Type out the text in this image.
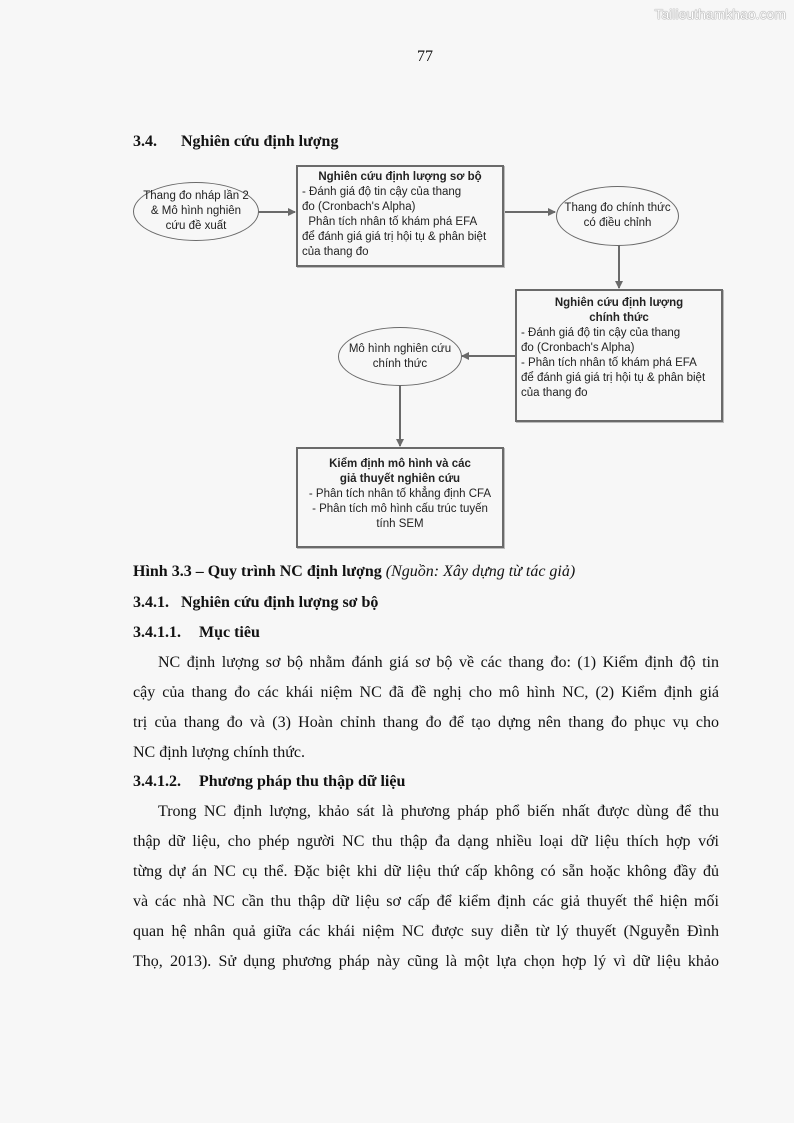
Tailieuthamkhao.com
77
3.4. Nghiên cứu định lượng
Thang đo nháp lần 2
& Mô hình nghiên
cứu đề xuất
Nghiên cứu định lượng sơ bộ
- Đánh giá độ tin cậy của thang
đo (Cronbach's Alpha)
Phân tích nhân tố khám phá EFA
để đánh giá giá trị hội tụ & phân biệt
của thang đo
Thang đo chính thức
có điều chỉnh
Nghiên cứu định lượng
chính thức
- Đánh giá độ tin cậy của thang
đo (Cronbach's Alpha)
- Phân tích nhân tố khám phá EFA
để đánh giá giá trị hội tụ & phân biệt
của thang đo
Mô hình nghiên cứu
chính thức
Kiểm định mô hình và các
giả thuyết nghiên cứu
- Phân tích nhân tố khẳng định CFA
- Phân tích mô hình cấu trúc tuyến
tính SEM
Hình 3.3 – Quy trình NC định lượng (Nguồn: Xây dựng từ tác giả)
3.4.1. Nghiên cứu định lượng sơ bộ
3.4.1.1. Mục tiêu
NC định lượng sơ bộ nhằm đánh giá sơ bộ về các thang đo: (1) Kiểm định độ tin
cậy của thang đo các khái niệm NC đã đề nghị cho mô hình NC, (2) Kiểm định giá
trị của thang đo và (3) Hoàn chỉnh thang đo để tạo dựng nên thang đo phục vụ cho
NC định lượng chính thức.
3.4.1.2. Phương pháp thu thập dữ liệu
Trong NC định lượng, khảo sát là phương pháp phổ biến nhất được dùng để thu
thập dữ liệu, cho phép người NC thu thập đa dạng nhiều loại dữ liệu thích hợp với
từng dự án NC cụ thể. Đặc biệt khi dữ liệu thứ cấp không có sẵn hoặc không đầy đủ
và các nhà NC cần thu thập dữ liệu sơ cấp để kiểm định các giả thuyết thể hiện mối
quan hệ nhân quả giữa các khái niệm NC được suy diễn từ lý thuyết (Nguyễn Đình
Thọ, 2013). Sử dụng phương pháp này cũng là một lựa chọn hợp lý vì dữ liệu khảo
